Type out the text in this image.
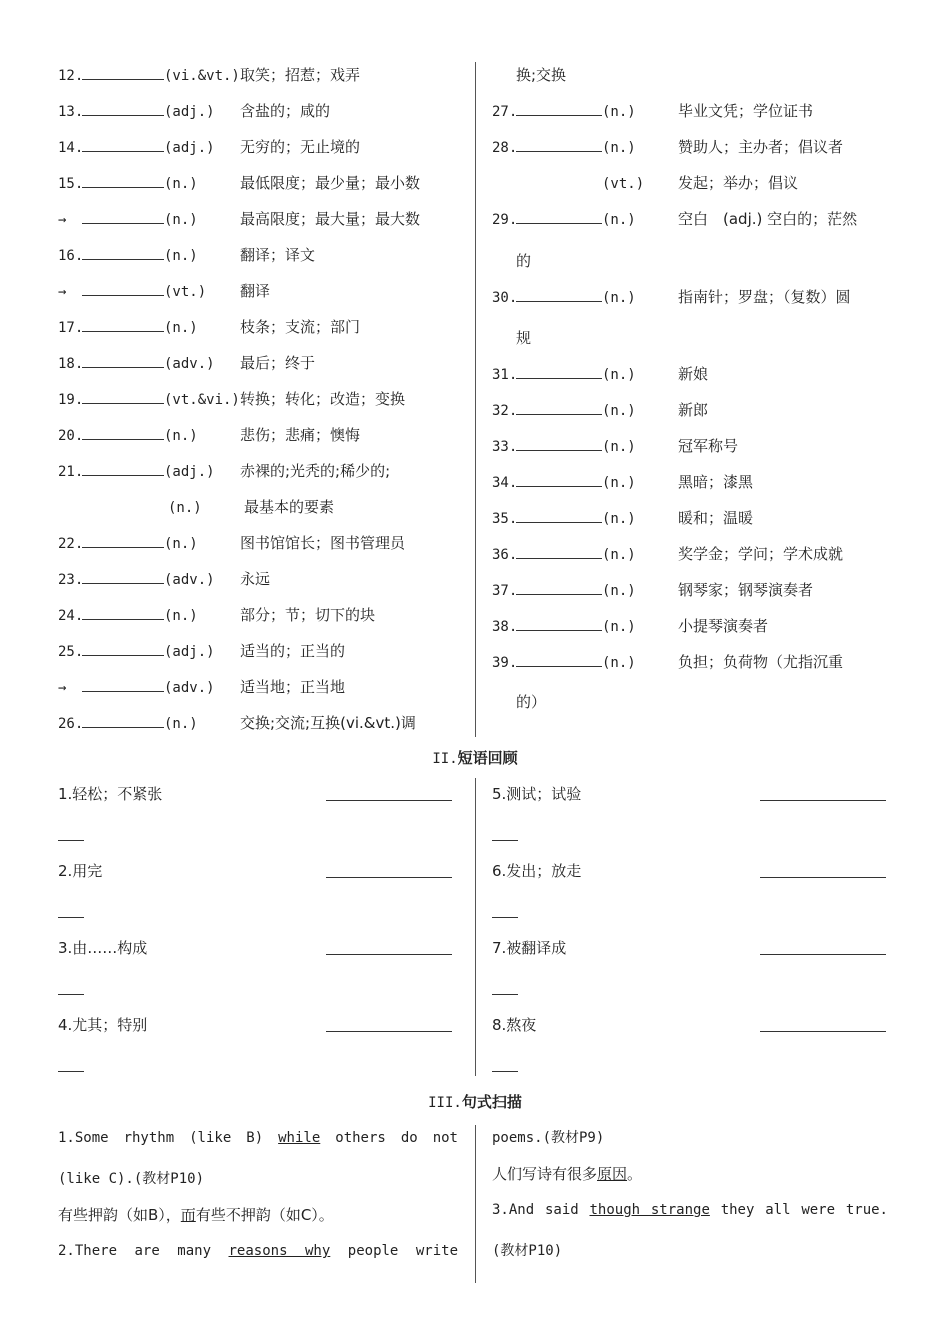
12.	(vi.&vt.)取笑；招惹；戏弄
13.	(adj.) 含盐的；咸的
14.	(adj.) 无穷的；无止境的
15.	(n.)	最低限度；最少量；最小数
→	(n.)	最高限度；最大量；最大数
16.	(n.)	翻译；译文
→	(vt.) 翻译
17.	(n.)	枝条；支流；部门
18.	(adv.) 最后；终于
19.	(vt.&vi.)转换；转化；改造；变换
20.	(n.)	悲伤；悲痛；懊悔
21.	(adj.) 赤裸的;光秃的;稀少的;
(n.)	最基本的要素
22.	(n.)	图书馆馆长；图书管理员
23.	(adv.) 永远
24.	(n.)	部分；节；切下的块
25.	(adj.) 适当的；正当的
→	(adv.) 适当地；正当地
26.	(n.)	交换;交流;互换(vi.&vt.)调
换;交换
27.	(n.)	毕业文凭；学位证书
28.	(n.)	赞助人；主办者；倡议者
(vt.) 发起；举办；倡议
29.	(n.)	空白　(adj.) 空白的；茫然
的
30.	(n.)	指南针；罗盘；（复数）圆
规
31.	(n.)	新娘
32.	(n.)	新郎
33.	(n.)	冠军称号
34.	(n.)	黑暗；漆黑
35.	(n.)	暖和；温暖
36.	(n.)	奖学金；学问；学术成就
37.	(n.)	钢琴家；钢琴演奏者
38.	(n.)	小提琴演奏者
39.	(n.)	负担；负荷物（尤指沉重
的）
II.短语回顾
1.轻松；不紧张
2.用完
3.由……构成
4.尤其；特别
5.测试；试验
6.发出；放走
7.被翻译成
8.熬夜
III.句式扫描
1.Some rhythm (like B) while others do not
(like C).(教材P10)
有些押韵（如B），而有些不押韵（如C）。
2.There are many reasons why people write
poems.(教材P9)
人们写诗有很多原因。
3.And said though strange they all were true.
(教材P10)
